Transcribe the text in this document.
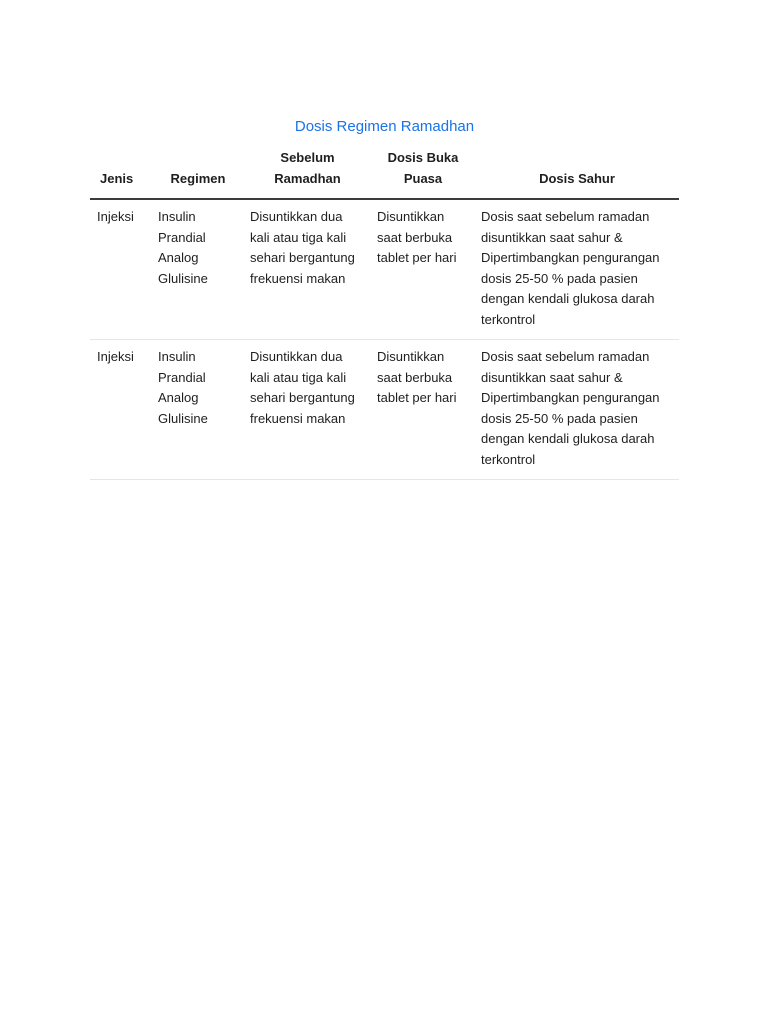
Dosis Regimen Ramadhan
Jenis	Regimen	Sebelum Ramadhan	Dosis Buka Puasa	Dosis Sahur
Injeksi	Insulin Prandial Analog Glulisine	Disuntikkan dua kali atau tiga kali sehari bergantung frekuensi makan	Disuntikkan saat berbuka tablet per hari	Dosis saat sebelum ramadan disuntikkan saat sahur & Dipertimbangkan pengurangan dosis 25-50 % pada pasien dengan kendali glukosa darah terkontrol
Injeksi	Insulin Prandial Analog Glulisine	Disuntikkan dua kali atau tiga kali sehari bergantung frekuensi makan	Disuntikkan saat berbuka tablet per hari	Dosis saat sebelum ramadan disuntikkan saat sahur & Dipertimbangkan pengurangan dosis 25-50 % pada pasien dengan kendali glukosa darah terkontrol
